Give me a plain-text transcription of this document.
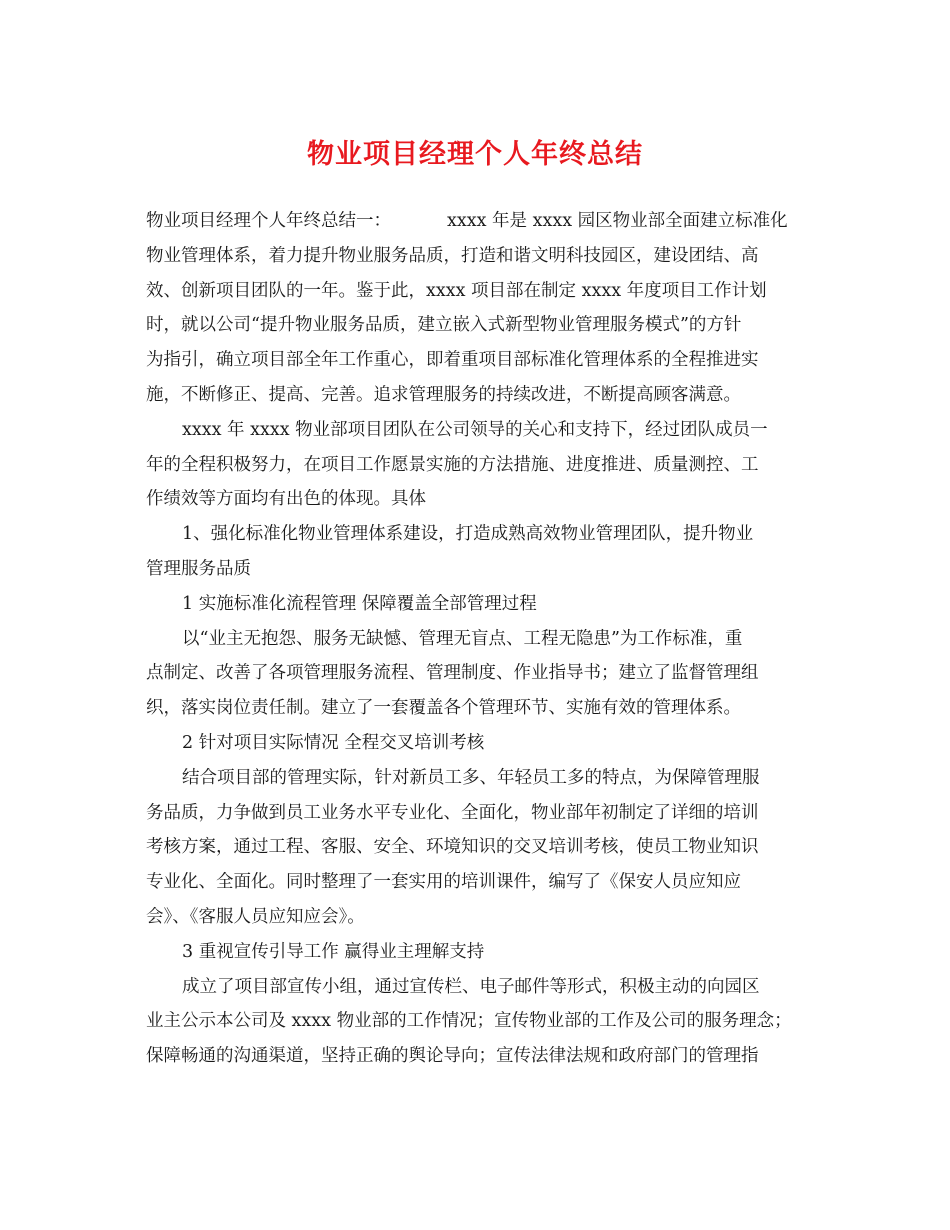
物业项目经理个人年终总结
物业项目经理个人年终总结一：	xxxx 年是 xxxx 园区物业部全面建立标准化
物业管理体系，着力提升物业服务品质，打造和谐文明科技园区，建设团结、高
效、创新项目团队的一年。鉴于此，xxxx 项目部在制定 xxxx 年度项目工作计划
时，就以公司“提升物业服务品质，建立嵌入式新型物业管理服务模式”的方针
为指引，确立项目部全年工作重心，即着重项目部标准化管理体系的全程推进实
施，不断修正、提高、完善。追求管理服务的持续改进，不断提高顾客满意。
xxxx 年 xxxx 物业部项目团队在公司领导的关心和支持下，经过团队成员一
年的全程积极努力，在项目工作愿景实施的方法措施、进度推进、质量测控、工
作绩效等方面均有出色的体现。具体
1、强化标准化物业管理体系建设，打造成熟高效物业管理团队，提升物业
管理服务品质
1 实施标准化流程管理 保障覆盖全部管理过程
以“业主无抱怨、服务无缺憾、管理无盲点、工程无隐患”为工作标准，重
点制定、改善了各项管理服务流程、管理制度、作业指导书；建立了监督管理组
织，落实岗位责任制。建立了一套覆盖各个管理环节、实施有效的管理体系。
2 针对项目实际情况 全程交叉培训考核
结合项目部的管理实际，针对新员工多、年轻员工多的特点，为保障管理服
务品质，力争做到员工业务水平专业化、全面化，物业部年初制定了详细的培训
考核方案，通过工程、客服、安全、环境知识的交叉培训考核，使员工物业知识
专业化、全面化。同时整理了一套实用的培训课件，编写了《保安人员应知应
会》、《客服人员应知应会》。
3 重视宣传引导工作 赢得业主理解支持
成立了项目部宣传小组，通过宣传栏、电子邮件等形式，积极主动的向园区
业主公示本公司及 xxxx 物业部的工作情况；宣传物业部的工作及公司的服务理念；
保障畅通的沟通渠道，坚持正确的舆论导向；宣传法律法规和政府部门的管理指
